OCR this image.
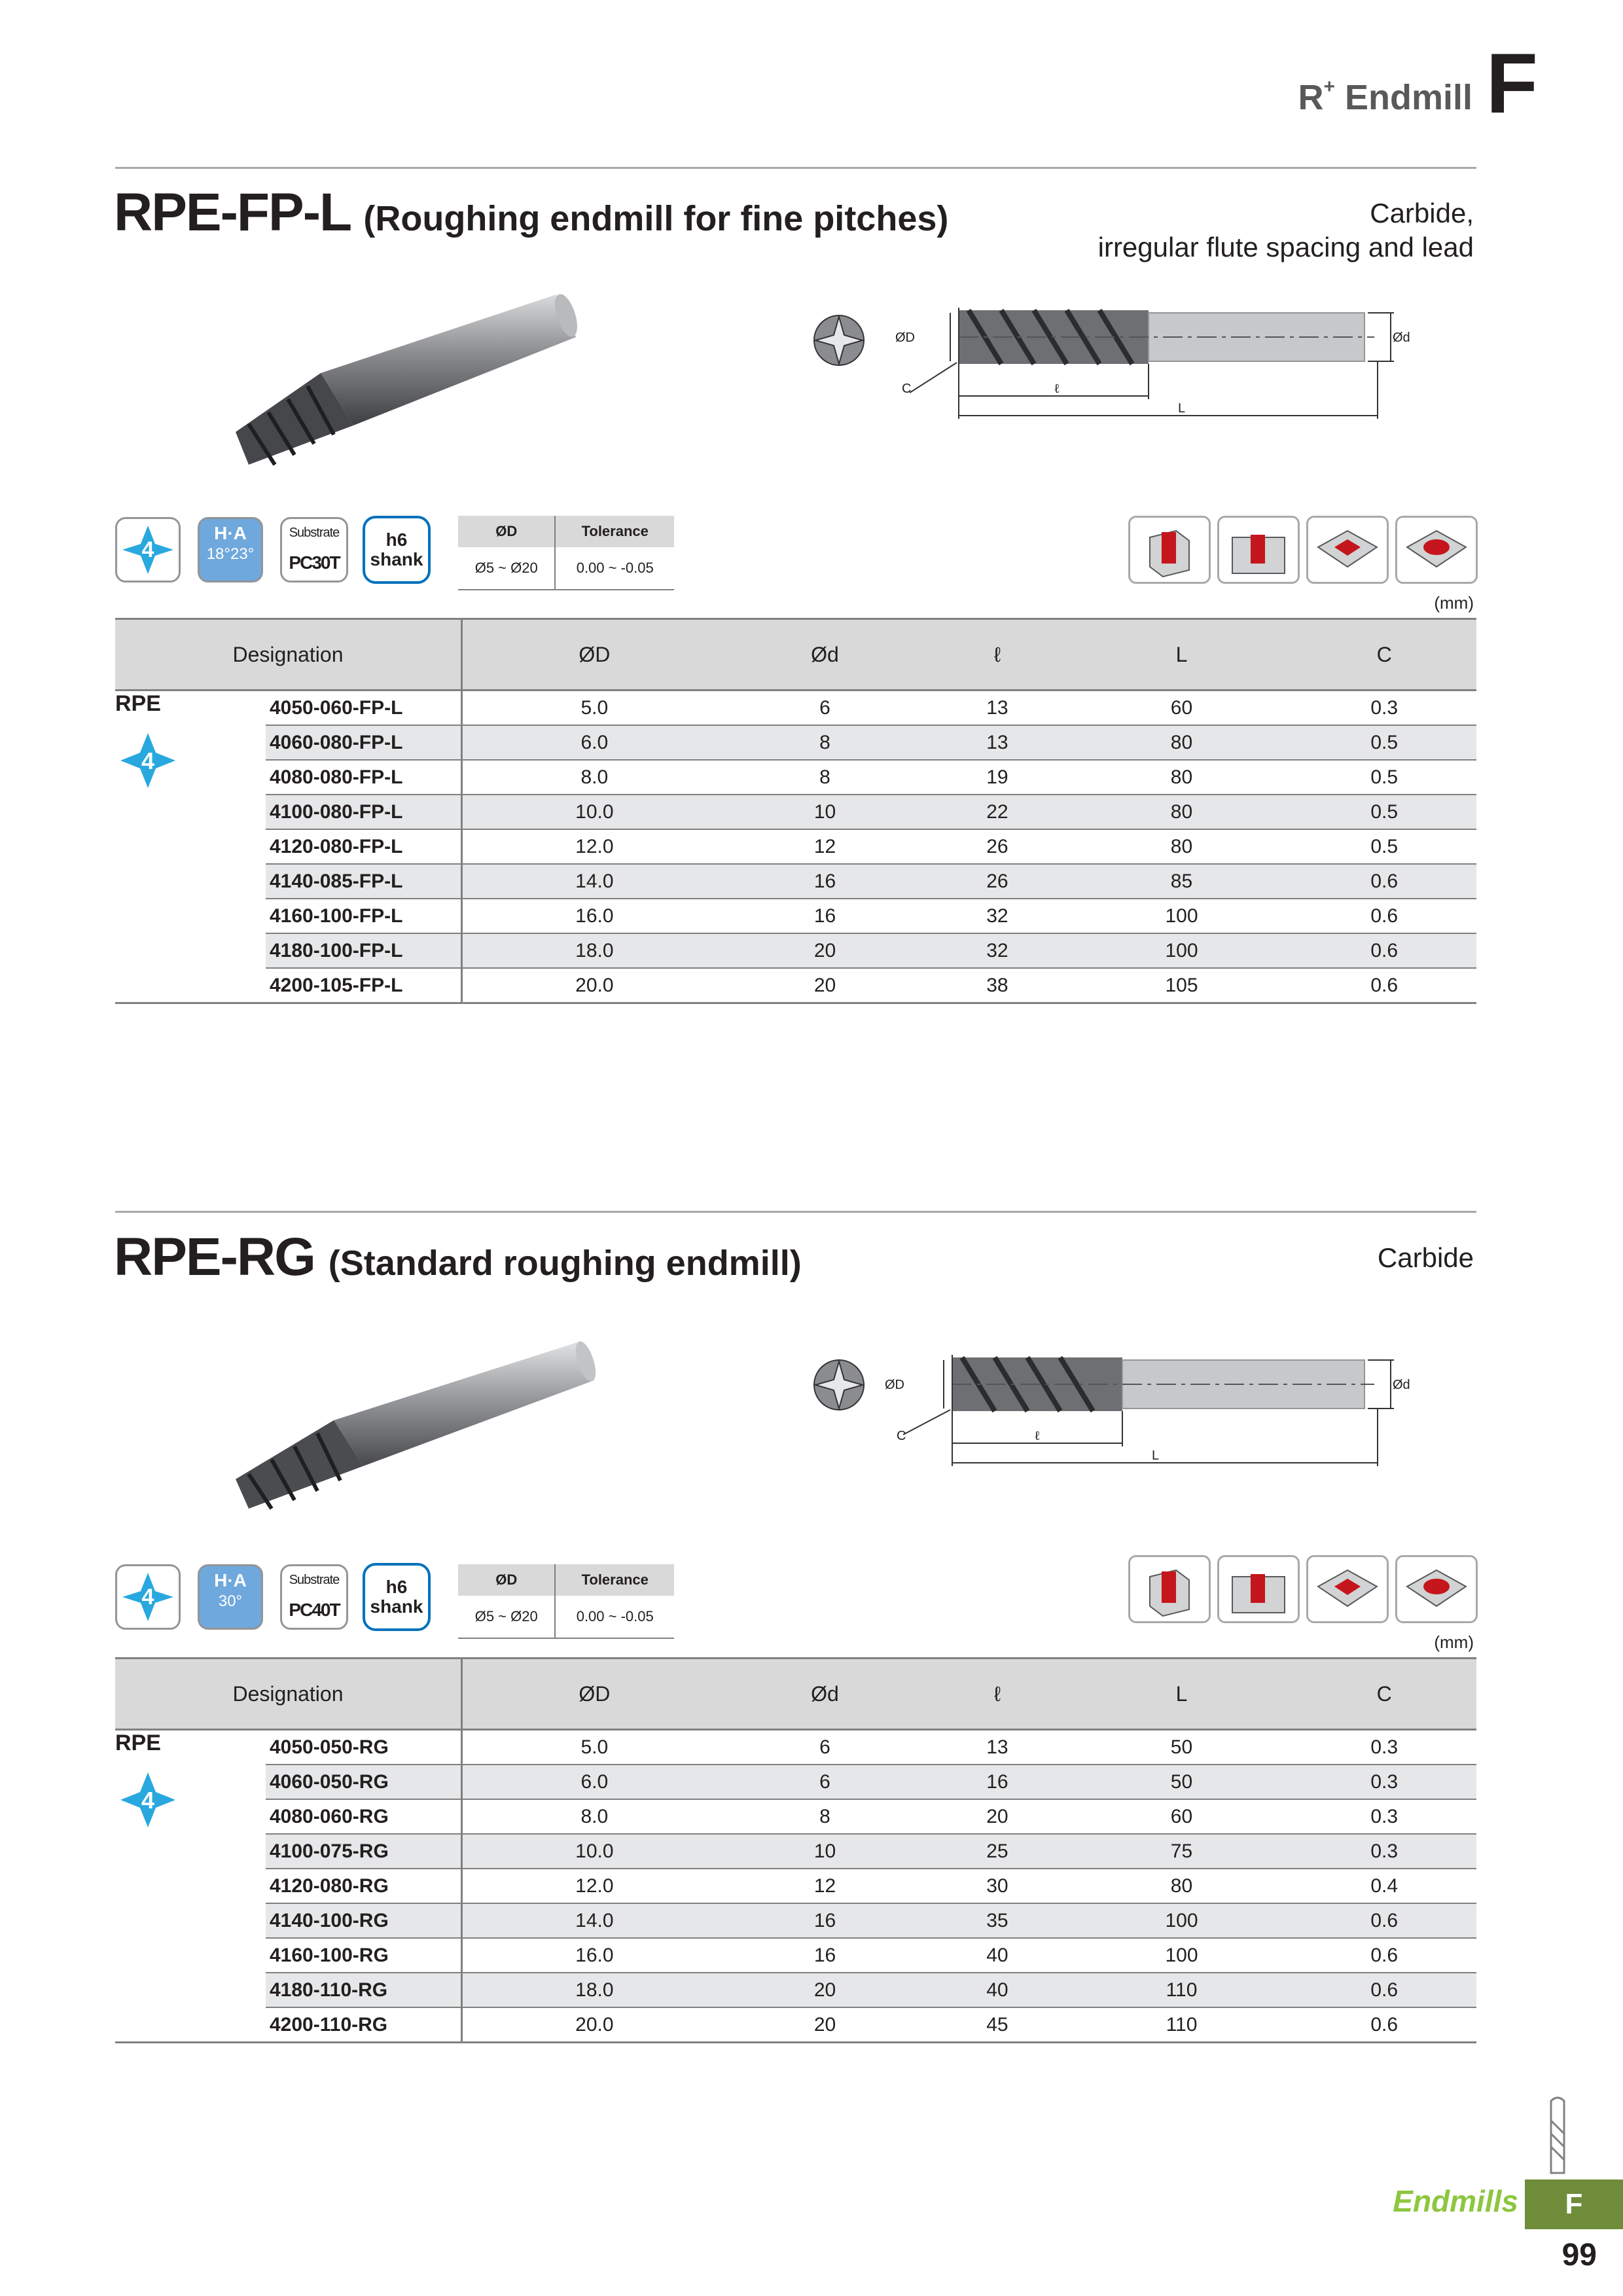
R+ Endmill F
RPE-FP-L (Roughing endmill for fine pitches)	Carbide,
irregular flute spacing and lead
ØD	Ød
C	ℓ
L
4
H·A
18°23°
Substrate
PC30T
h6
shank
ØD	Tolerance
Ø5 ~ Ø20	0.00 ~ -0.05
(mm)
Designation		ØD	Ød	ℓ	L	C
RPE
4	4050-060-FP-L	5.0	6	13	60	0.3
	4060-080-FP-L	6.0	8	13	80	0.5
	4080-080-FP-L	8.0	8	19	80	0.5
	4100-080-FP-L	10.0	10	22	80	0.5
	4120-080-FP-L	12.0	12	26	80	0.5
	4140-085-FP-L	14.0	16	26	85	0.6
	4160-100-FP-L	16.0	16	32	100	0.6
	4180-100-FP-L	18.0	20	32	100	0.6
	4200-105-FP-L	20.0	20	38	105	0.6
RPE-RG (Standard roughing endmill)	Carbide
ØD	Ød
C	ℓ
L
4
H·A
30°
Substrate
PC40T
h6
shank
ØD	Tolerance
Ø5 ~ Ø20	0.00 ~ -0.05
(mm)
Designation		ØD	Ød	ℓ	L	C
RPE
4	4050-050-RG	5.0	6	13	50	0.3
	4060-050-RG	6.0	6	16	50	0.3
	4080-060-RG	8.0	8	20	60	0.3
	4100-075-RG	10.0	10	25	75	0.3
	4120-080-RG	12.0	12	30	80	0.4
	4140-100-RG	14.0	16	35	100	0.6
	4160-100-RG	16.0	16	40	100	0.6
	4180-110-RG	18.0	20	40	110	0.6
	4200-110-RG	20.0	20	45	110	0.6
Endmills	F
99
